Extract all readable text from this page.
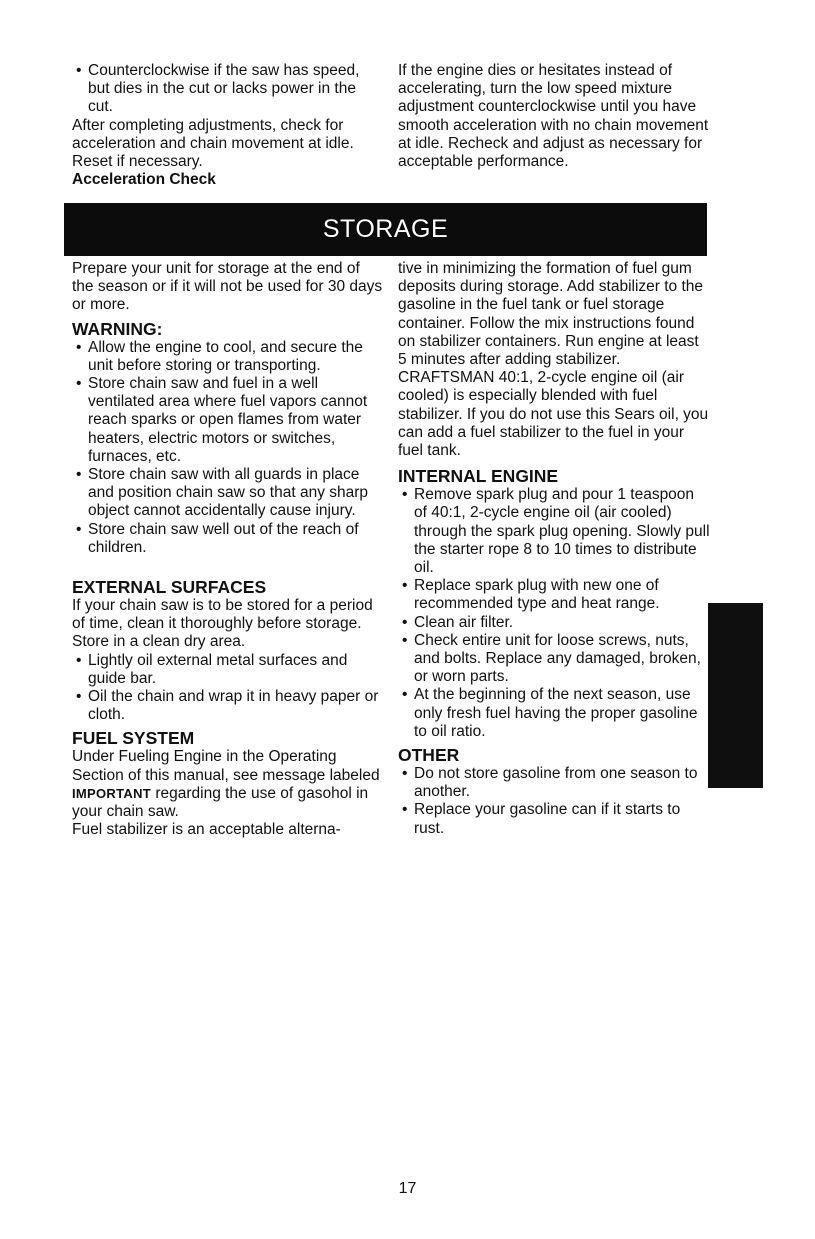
• Counterclockwise if the saw has speed, but dies in the cut or lacks power in the cut.

After completing adjustments, check for acceleration and chain movement at idle. Reset if necessary.

Acceleration Check

If the engine dies or hesitates instead of accelerating, turn the low speed mixture adjustment counterclockwise until you have smooth acceleration with no chain movement at idle. Recheck and adjust as necessary for acceptable performance.

STORAGE

Prepare your unit for storage at the end of the season or if it will not be used for 30 days or more.

WARNING:

• Allow the engine to cool, and secure the unit before storing or transporting.
• Store chain saw and fuel in a well ventilated area where fuel vapors cannot reach sparks or open flames from water heaters, electric motors or switches, furnaces, etc.
• Store chain saw with all guards in place and position chain saw so that any sharp object cannot accidentally cause injury.
• Store chain saw well out of the reach of children.

EXTERNAL SURFACES

If your chain saw is to be stored for a period of time, clean it thoroughly before storage. Store in a clean dry area.

• Lightly oil external metal surfaces and guide bar.
• Oil the chain and wrap it in heavy paper or cloth.

FUEL SYSTEM

Under Fueling Engine in the Operating Section of this manual, see message labeled IMPORTANT regarding the use of gasohol in your chain saw.

Fuel stabilizer is an acceptable alterna-

tive in minimizing the formation of fuel gum deposits during storage. Add stabilizer to the gasoline in the fuel tank or fuel storage container. Follow the mix instructions found on stabilizer containers. Run engine at least 5 minutes after adding stabilizer.

CRAFTSMAN 40:1, 2-cycle engine oil (air cooled) is especially blended with fuel stabilizer. If you do not use this Sears oil, you can add a fuel stabilizer to the fuel in your fuel tank.

INTERNAL ENGINE

• Remove spark plug and pour 1 teaspoon of 40:1, 2-cycle engine oil (air cooled) through the spark plug opening. Slowly pull the starter rope 8 to 10 times to distribute oil.
• Replace spark plug with new one of recommended type and heat range.
• Clean air filter.
• Check entire unit for loose screws, nuts, and bolts. Replace any damaged, broken, or worn parts.
• At the beginning of the next season, use only fresh fuel having the proper gasoline to oil ratio.

OTHER

• Do not store gasoline from one season to another.
• Replace your gasoline can if it starts to rust.
17
